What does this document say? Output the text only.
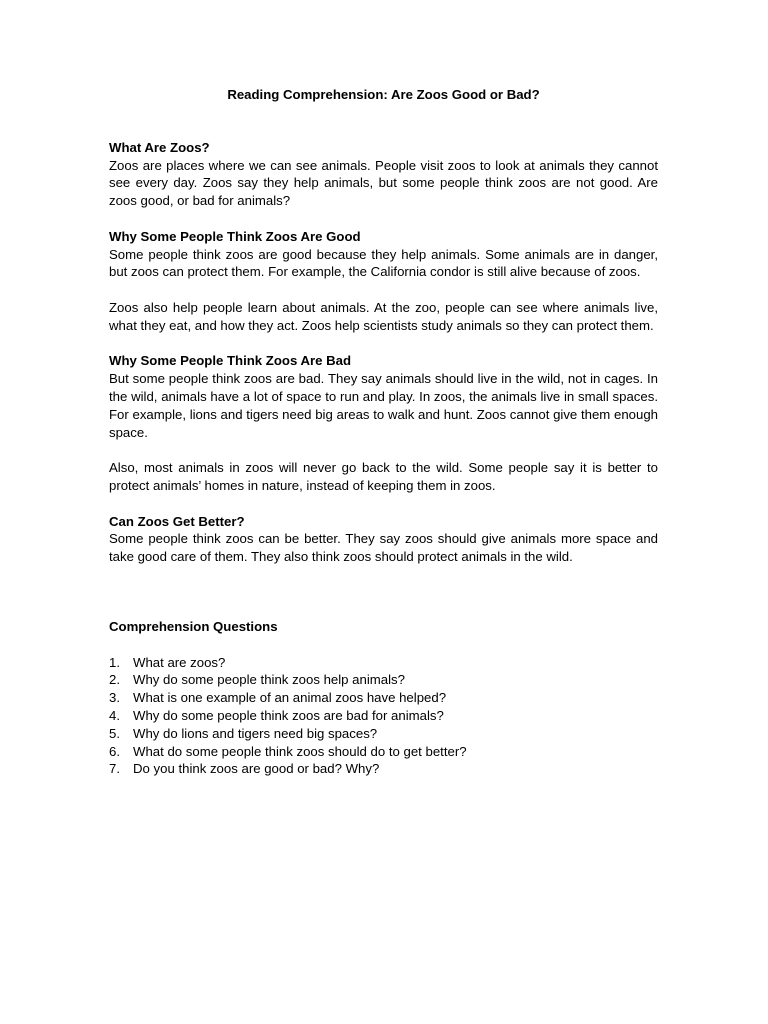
Reading Comprehension: Are Zoos Good or Bad?
What Are Zoos?

Zoos are places where we can see animals. People visit zoos to look at animals they cannot see every day. Zoos say they help animals, but some people think zoos are not good. Are zoos good, or bad for animals?

Why Some People Think Zoos Are Good

Some people think zoos are good because they help animals. Some animals are in danger, but zoos can protect them. For example, the California condor is still alive because of zoos.

Zoos also help people learn about animals. At the zoo, people can see where animals live, what they eat, and how they act. Zoos help scientists study animals so they can protect them.

Why Some People Think Zoos Are Bad

But some people think zoos are bad. They say animals should live in the wild, not in cages. In the wild, animals have a lot of space to run and play. In zoos, the animals live in small spaces. For example, lions and tigers need big areas to walk and hunt. Zoos cannot give them enough space.

Also, most animals in zoos will never go back to the wild. Some people say it is better to protect animals’ homes in nature, instead of keeping them in zoos.

Can Zoos Get Better?

Some people think zoos can be better. They say zoos should give animals more space and take good care of them. They also think zoos should protect animals in the wild.

Comprehension Questions
1. What are zoos?
2. Why do some people think zoos help animals?
3. What is one example of an animal zoos have helped?
4. Why do some people think zoos are bad for animals?
5. Why do lions and tigers need big spaces?
6. What do some people think zoos should do to get better?
7. Do you think zoos are good or bad? Why?
